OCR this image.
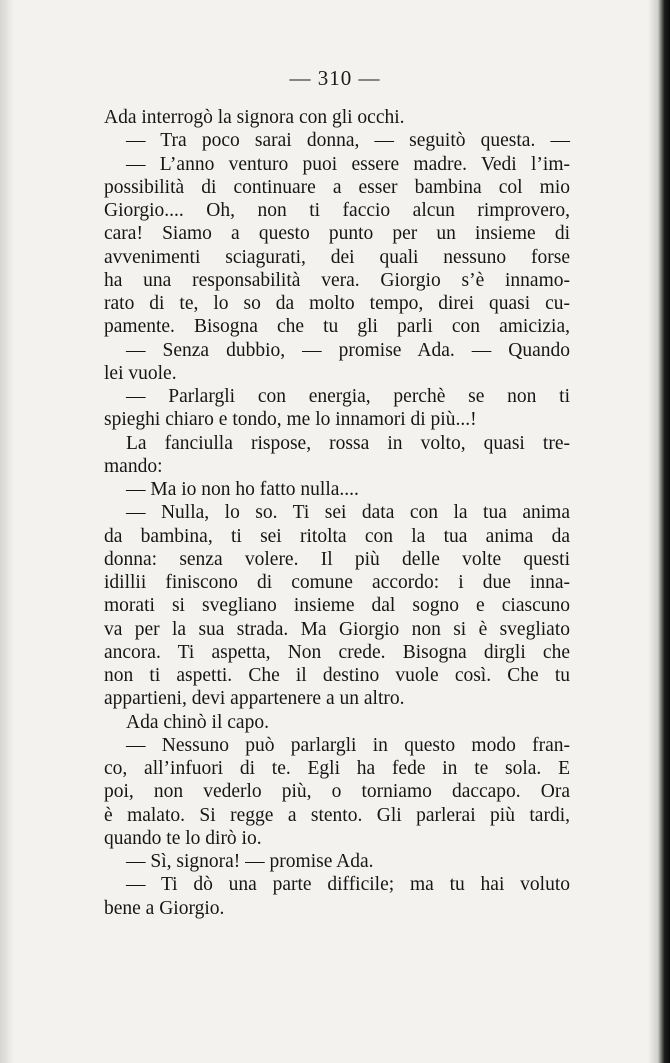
— 310 —
Ada interrogò la signora con gli occhi.
— Tra poco sarai donna, — seguitò questa. —
— L’anno venturo puoi essere madre. Vedi l’im-
possibilità di continuare a esser bambina col mio
Giorgio.... Oh, non ti faccio alcun rimprovero,
cara! Siamo a questo punto per un insieme di
avvenimenti sciagurati, dei quali nessuno forse
ha una responsabilità vera. Giorgio s’è innamo-
rato di te, lo so da molto tempo, direi quasi cu-
pamente. Bisogna che tu gli parli con amicizia,
— Senza dubbio, — promise Ada. — Quando
lei vuole.
— Parlargli con energia, perchè se non ti
spieghi chiaro e tondo, me lo innamori di più...!
La fanciulla rispose, rossa in volto, quasi tre-
mando:
— Ma io non ho fatto nulla....
— Nulla, lo so. Ti sei data con la tua anima
da bambina, ti sei ritolta con la tua anima da
donna: senza volere. Il più delle volte questi
idillii finiscono di comune accordo: i due inna-
morati si svegliano insieme dal sogno e ciascuno
va per la sua strada. Ma Giorgio non si è svegliato
ancora. Ti aspetta, Non crede. Bisogna dirgli che
non ti aspetti. Che il destino vuole così. Che tu
appartieni, devi appartenere a un altro.
Ada chinò il capo.
— Nessuno può parlargli in questo modo fran-
co, all’infuori di te. Egli ha fede in te sola. E
poi, non vederlo più, o torniamo daccapo. Ora
è malato. Si regge a stento. Gli parlerai più tardi,
quando te lo dirò io.
— Sì, signora! — promise Ada.
— Ti dò una parte difficile; ma tu hai voluto
bene a Giorgio.
